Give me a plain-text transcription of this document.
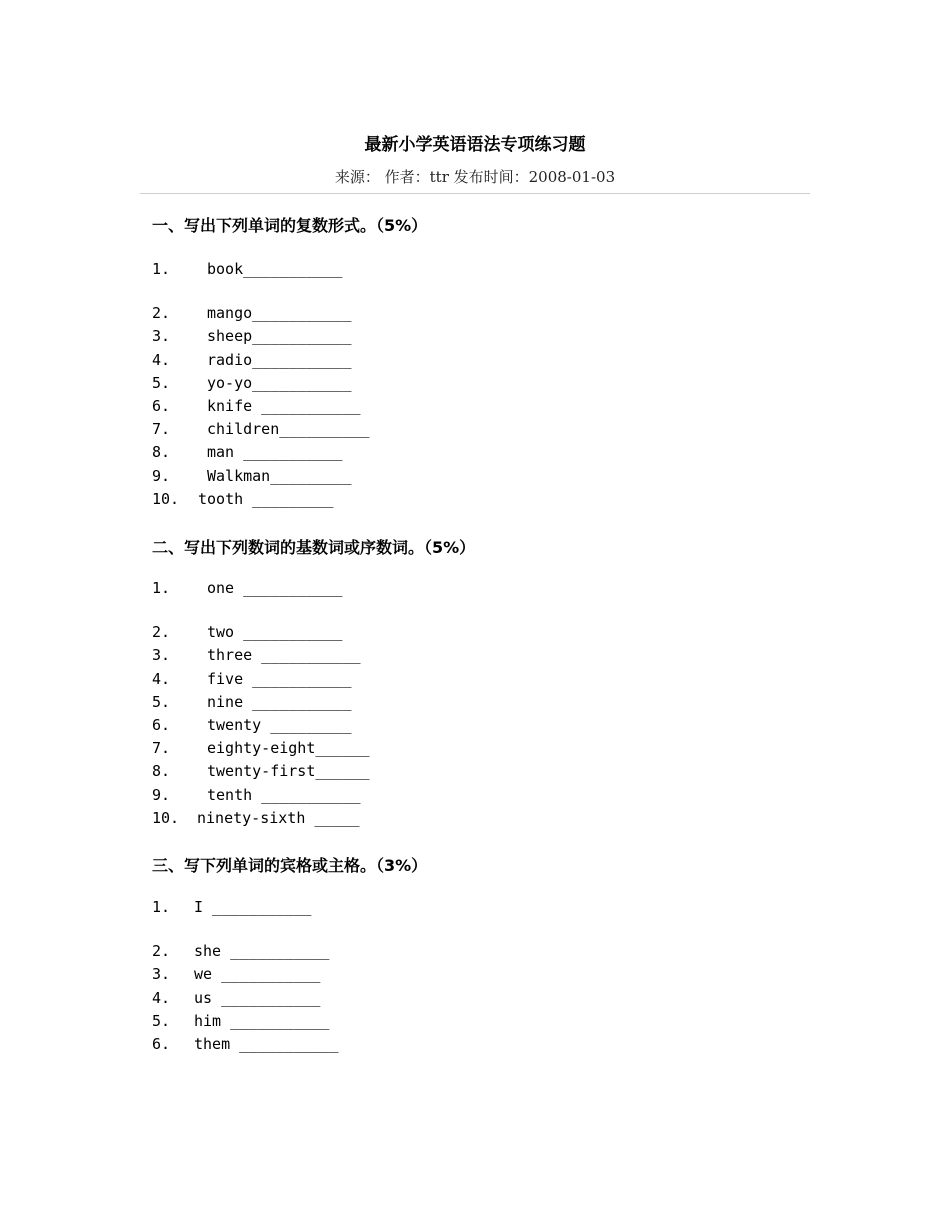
最新小学英语语法专项练习题
来源： 作者：ttr 发布时间：2008-01-03
一、写出下列单词的复数形式。（5%）
1. book___________
2. mango___________
3. sheep___________
4. radio___________
5. yo-yo___________
6. knife ___________
7. children__________
8. man ___________
9. Walkman_________
10. tooth _________
二、写出下列数词的基数词或序数词。（5%）
1. one ___________
2. two ___________
3. three ___________
4. five ___________
5. nine ___________
6. twenty _________
7. eighty-eight______
8. twenty-first______
9. tenth ___________
10. ninety-sixth _____
三、写下列单词的宾格或主格。（3%）
1. I ___________
2. she ___________
3. we ___________
4. us ___________
5. him ___________
6. them ___________
